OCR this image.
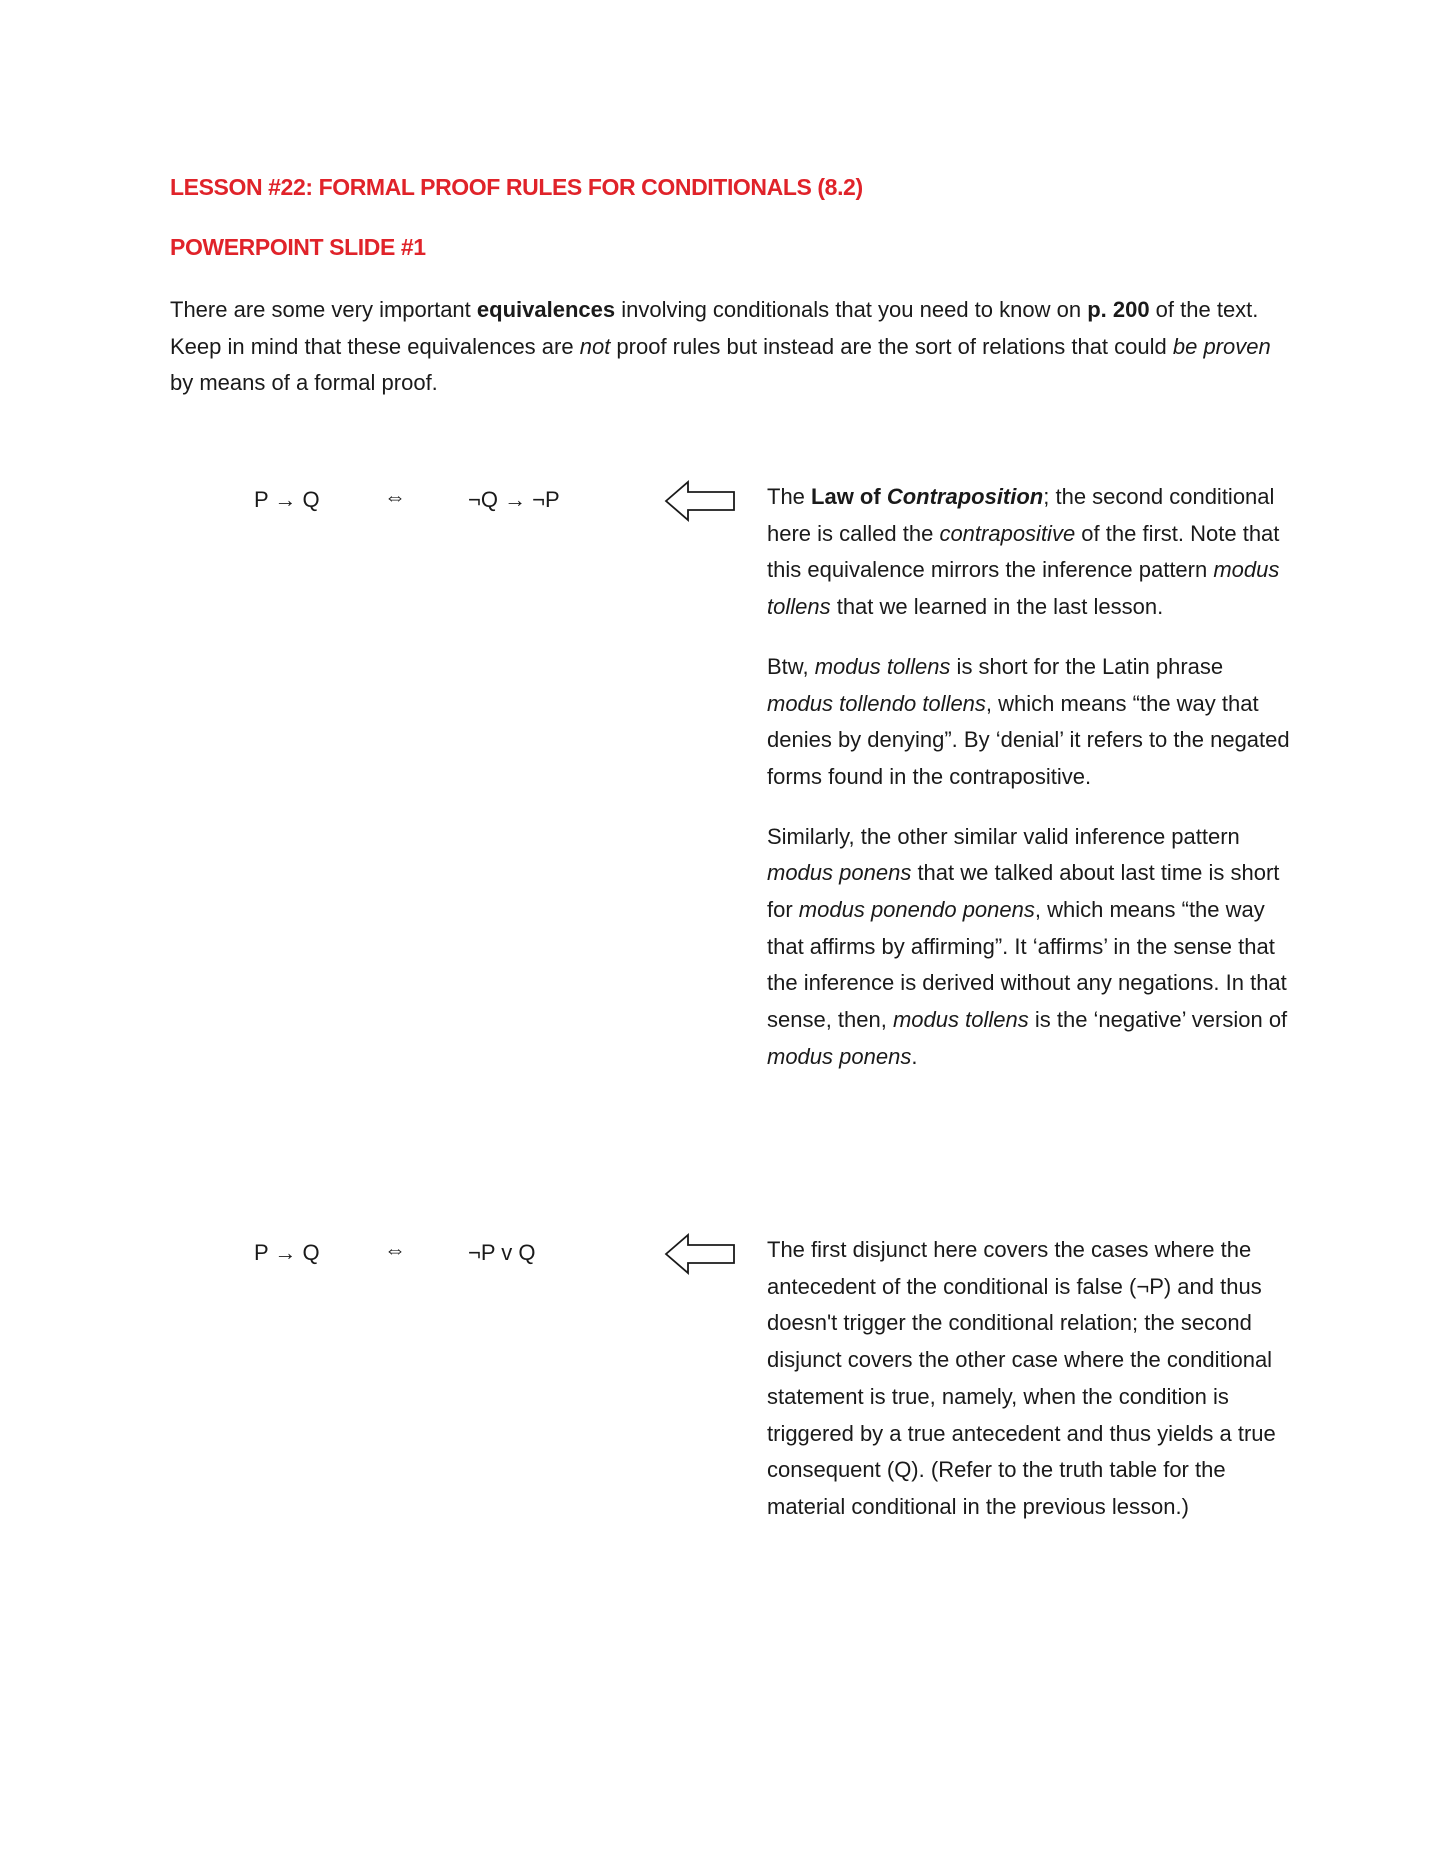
LESSON #22: FORMAL PROOF RULES FOR CONDITIONALS (8.2)
POWERPOINT SLIDE #1

There are some very important equivalences involving conditionals that you need to know on p. 200 of the text. Keep in mind that these equivalences are not proof rules but instead are the sort of relations that could be proven by means of a formal proof.

P → Q	⇔	¬Q → ¬P	The Law of Contraposition; the second conditional here is called the contrapositive of the first. Note that this equivalence mirrors the inference pattern modus tollens that we learned in the last lesson.

Btw, modus tollens is short for the Latin phrase modus tollendo tollens, which means “the way that denies by denying”. By ‘denial’ it refers to the negated forms found in the contrapositive.

Similarly, the other similar valid inference pattern modus ponens that we talked about last time is short for modus ponendo ponens, which means “the way that affirms by affirming”. It ‘affirms’ in the sense that the inference is derived without any negations. In that sense, then, modus tollens is the ‘negative’ version of modus ponens.

P → Q	⇔	¬P v Q	The first disjunct here covers the cases where the antecedent of the conditional is false (¬P) and thus doesn't trigger the conditional relation; the second disjunct covers the other case where the conditional statement is true, namely, when the condition is triggered by a true antecedent and thus yields a true consequent (Q). (Refer to the truth table for the material conditional in the previous lesson.)
